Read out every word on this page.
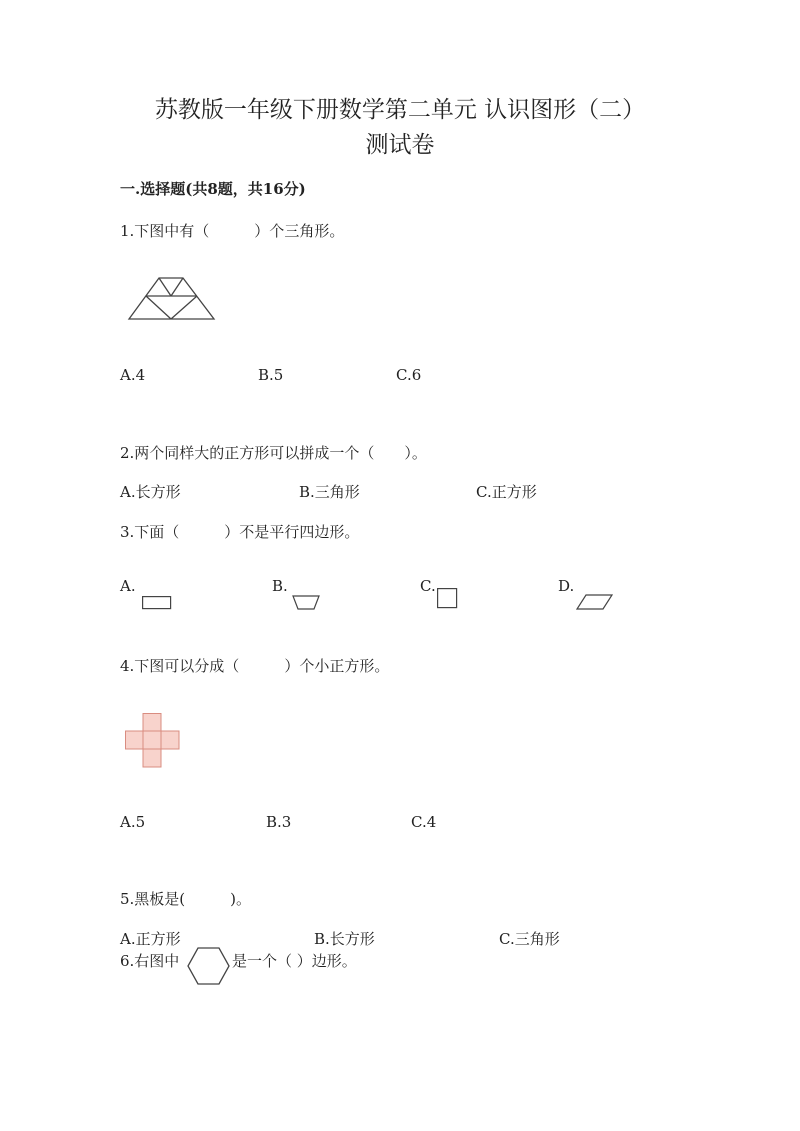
苏教版一年级下册数学第二单元 认识图形（二）
测试卷
一.选择题(共8题，共16分)
1.下图中有（　　　）个三角形。
A.4	B.5	C.6
2.两个同样大的正方形可以拼成一个（　　）。
A.长方形	B.三角形	C.正方形
3.下面（　　　）不是平行四边形。
A.	B.	C.	D.
4.下图可以分成（　　　）个小正方形。
A.5	B.3	C.4
5.黑板是(　　　)。
A.正方形	B.长方形	C.三角形
6.右图中	是一个（ ）边形。
